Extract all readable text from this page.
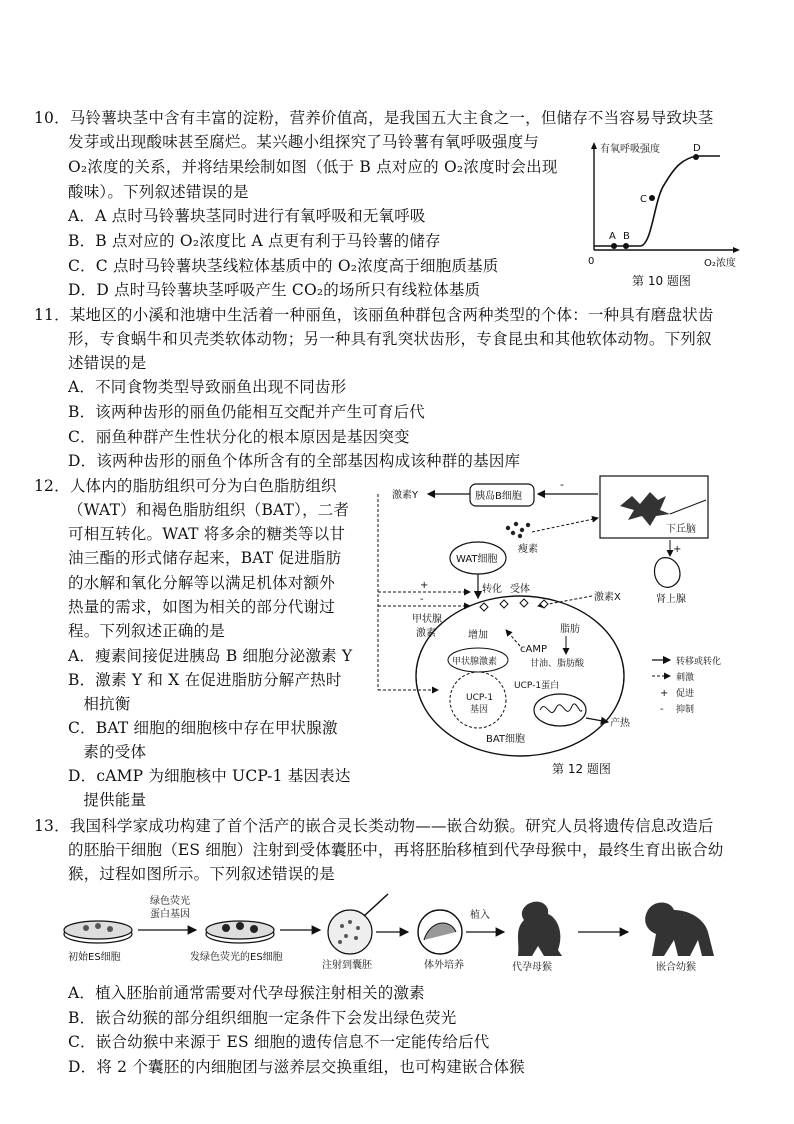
10．马铃薯块茎中含有丰富的淀粉，营养价值高，是我国五大主食之一，但储存不当容易导致块茎
发芽或出现酸味甚至腐烂。某兴趣小组探究了马铃薯有氧呼吸强度与
O₂浓度的关系，并将结果绘制如图（低于 B 点对应的 O₂浓度时会出现
酸味）。下列叙述错误的是
A．A 点时马铃薯块茎同时进行有氧呼吸和无氧呼吸
B．B 点对应的 O₂浓度比 A 点更有利于马铃薯的储存
C．C 点时马铃薯块茎线粒体基质中的 O₂浓度高于细胞质基质
D．D 点时马铃薯块茎呼吸产生 CO₂的场所只有线粒体基质
有氧呼吸强度
O₂浓度
0
A B
C
D
第 10 题图
11．某地区的小溪和池塘中生活着一种丽鱼，该丽鱼种群包含两种类型的个体：一种具有磨盘状齿
形，专食蜗牛和贝壳类软体动物；另一种具有乳突状齿形，专食昆虫和其他软体动物。下列叙
述错误的是
A．不同食物类型导致丽鱼出现不同齿形
B．该两种齿形的丽鱼仍能相互交配并产生可育后代
C．丽鱼种群产生性状分化的根本原因是基因突变
D．该两种齿形的丽鱼个体所含有的全部基因构成该种群的基因库
12．人体内的脂肪组织可分为白色脂肪组织
（WAT）和褐色脂肪组织（BAT），二者
可相互转化。WAT 将多余的糖类等以甘
油三酯的形式储存起来，BAT 促进脂肪
的水解和氧化分解等以满足机体对额外
热量的需求，如图为相关的部分代谢过
程。下列叙述正确的是
A．瘦素间接促进胰岛 B 细胞分泌激素 Y
B．激素 Y 和 X 在促进脂肪分解产热时
相抗衡
C．BAT 细胞的细胞核中存在甲状腺激
素的受体
D．cAMP 为细胞核中 UCP-1 基因表达
提供能量
激素Y	胰岛B细胞
-
下丘脑
瘦素
WAT细胞
转化 受体
+
肾上腺
激素X
+
-
甲状腺
激素	增加
甲状腺激素
cAMP
脂肪
甘油、脂肪酸
UCP-1
基因
UCP-1蛋白
产热
BAT细胞
转移或转化
刺激
+ 促进
- 抑制
第 12 题图
13．我国科学家成功构建了首个活产的嵌合灵长类动物——嵌合幼猴。研究人员将遗传信息改造后
的胚胎干细胞（ES 细胞）注射到受体囊胚中，再将胚胎移植到代孕母猴中，最终生育出嵌合幼
猴，过程如图所示。下列叙述错误的是
初始ES细胞
绿色荧光
蛋白基因
发绿色荧光的ES细胞
注射到囊胚	体外培养
植入
代孕母猴	嵌合幼猴
A．植入胚胎前通常需要对代孕母猴注射相关的激素
B．嵌合幼猴的部分组织细胞一定条件下会发出绿色荧光
C．嵌合幼猴中来源于 ES 细胞的遗传信息不一定能传给后代
D．将 2 个囊胚的内细胞团与滋养层交换重组，也可构建嵌合体猴
